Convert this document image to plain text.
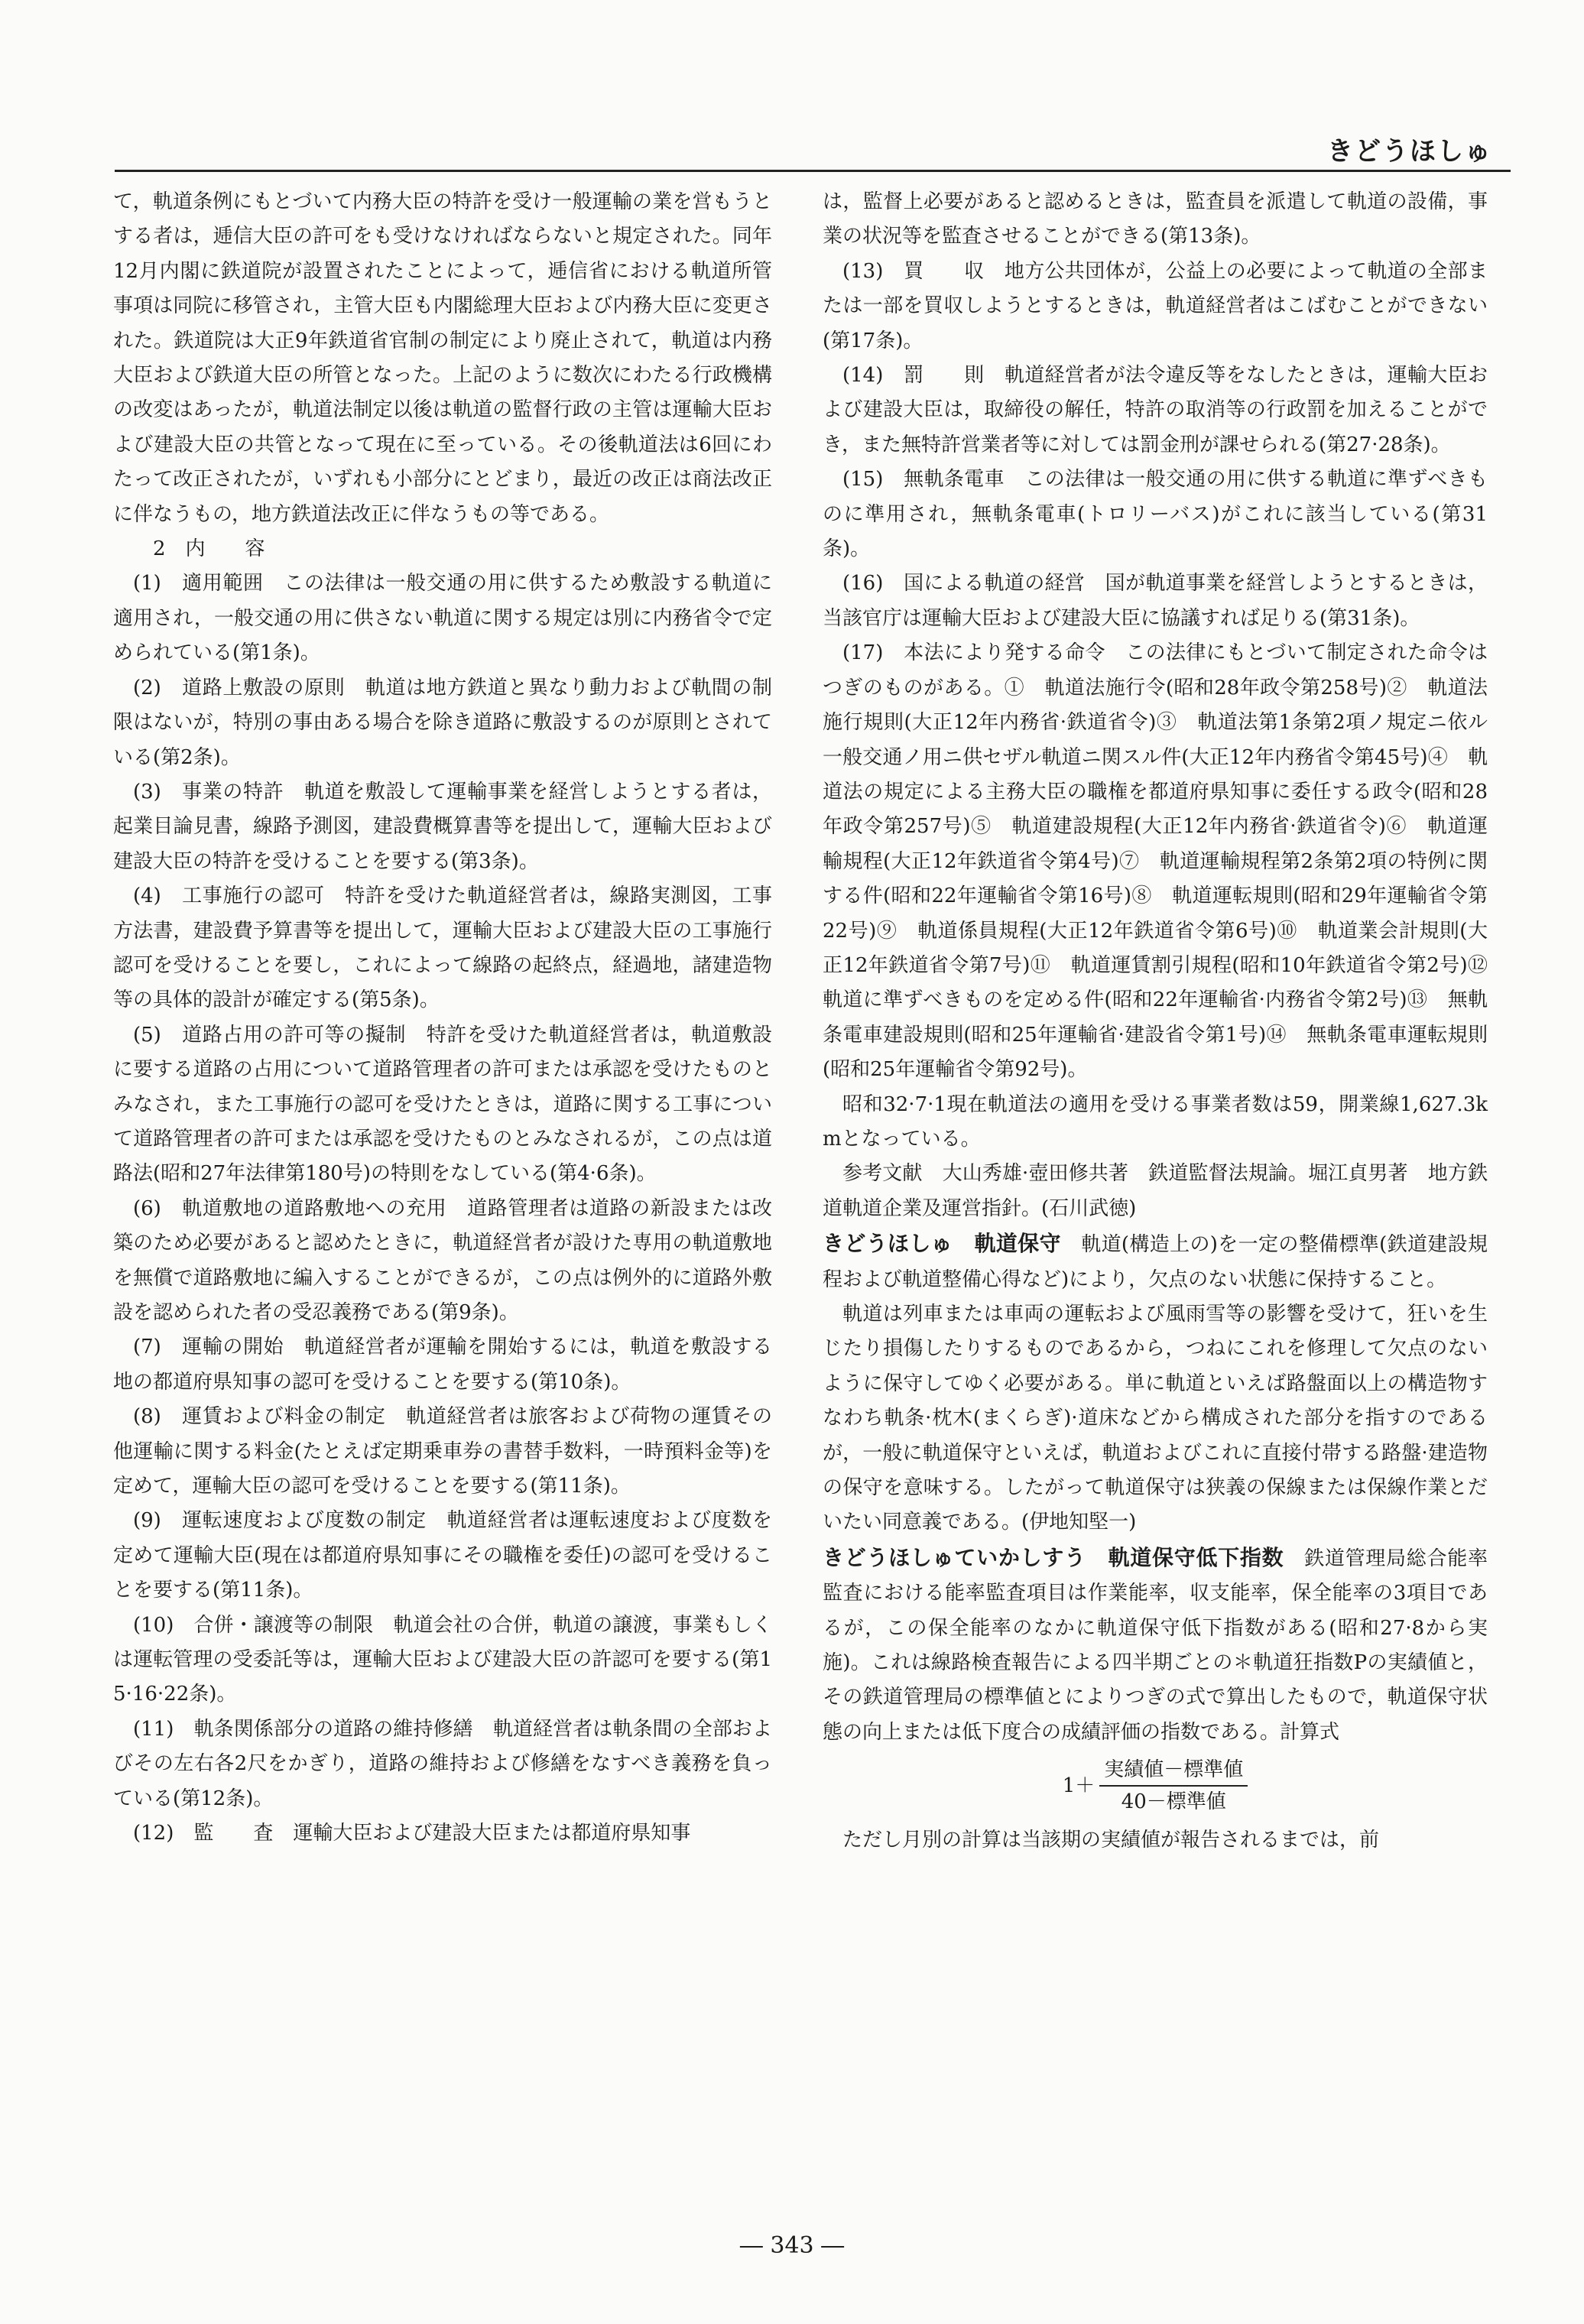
きどうほしゅ

て，軌道条例にもとづいて内務大臣の特許を受け一般運輸の業を営もうとする者は，逓信大臣の許可をも受けなければならないと規定された。同年12月内閣に鉄道院が設置されたことによって，逓信省における軌道所管事項は同院に移管され，主管大臣も内閣総理大臣および内務大臣に変更された。鉄道院は大正9年鉄道省官制の制定により廃止されて，軌道は内務大臣および鉄道大臣の所管となった。上記のように数次にわたる行政機構の改変はあったが，軌道法制定以後は軌道の監督行政の主管は運輸大臣および建設大臣の共管となって現在に至っている。その後軌道法は6回にわたって改正されたが，いずれも小部分にとどまり，最近の改正は商法改正に伴なうもの，地方鉄道法改正に伴なうもの等である。

2　内　　容

(1)　適用範囲　この法律は一般交通の用に供するため敷設する軌道に適用され，一般交通の用に供さない軌道に関する規定は別に内務省令で定められている(第1条)。

(2)　道路上敷設の原則　軌道は地方鉄道と異なり動力および軌間の制限はないが，特別の事由ある場合を除き道路に敷設するのが原則とされている(第2条)。

(3)　事業の特許　軌道を敷設して運輸事業を経営しようとする者は，起業目論見書，線路予測図，建設費概算書等を提出して，運輸大臣および建設大臣の特許を受けることを要する(第3条)。

(4)　工事施行の認可　特許を受けた軌道経営者は，線路実測図，工事方法書，建設費予算書等を提出して，運輸大臣および建設大臣の工事施行認可を受けることを要し，これによって線路の起終点，経過地，諸建造物等の具体的設計が確定する(第5条)。

(5)　道路占用の許可等の擬制　特許を受けた軌道経営者は，軌道敷設に要する道路の占用について道路管理者の許可または承認を受けたものとみなされ，また工事施行の認可を受けたときは，道路に関する工事について道路管理者の許可または承認を受けたものとみなされるが，この点は道路法(昭和27年法律第180号)の特則をなしている(第4·6条)。

(6)　軌道敷地の道路敷地への充用　道路管理者は道路の新設または改築のため必要があると認めたときに，軌道経営者が設けた専用の軌道敷地を無償で道路敷地に編入することができるが，この点は例外的に道路外敷設を認められた者の受忍義務である(第9条)。

(7)　運輸の開始　軌道経営者が運輸を開始するには，軌道を敷設する地の都道府県知事の認可を受けることを要する(第10条)。

(8)　運賃および料金の制定　軌道経営者は旅客および荷物の運賃その他運輸に関する料金(たとえば定期乗車券の書替手数料，一時預料金等)を定めて，運輸大臣の認可を受けることを要する(第11条)。

(9)　運転速度および度数の制定　軌道経営者は運転速度および度数を定めて運輸大臣(現在は都道府県知事にその職権を委任)の認可を受けることを要する(第11条)。

(10)　合併・譲渡等の制限　軌道会社の合併，軌道の譲渡，事業もしくは運転管理の受委託等は，運輸大臣および建設大臣の許認可を要する(第15·16·22条)。

(11)　軌条関係部分の道路の維持修繕　軌道経営者は軌条間の全部およびその左右各2尺をかぎり，道路の維持および修繕をなすべき義務を負っている(第12条)。

(12)　監　　査　運輸大臣および建設大臣または都道府県知事

は，監督上必要があると認めるときは，監査員を派遣して軌道の設備，事業の状況等を監査させることができる(第13条)。

(13)　買　　収　地方公共団体が，公益上の必要によって軌道の全部または一部を買収しようとするときは，軌道経営者はこばむことができない(第17条)。

(14)　罰　　則　軌道経営者が法令違反等をなしたときは，運輸大臣および建設大臣は，取締役の解任，特許の取消等の行政罰を加えることができ，また無特許営業者等に対しては罰金刑が課せられる(第27·28条)。

(15)　無軌条電車　この法律は一般交通の用に供する軌道に準ずべきものに準用され，無軌条電車(トロリーバス)がこれに該当している(第31条)。

(16)　国による軌道の経営　国が軌道事業を経営しようとするときは，当該官庁は運輸大臣および建設大臣に協議すれば足りる(第31条)。

(17)　本法により発する命令　この法律にもとづいて制定された命令はつぎのものがある。①　軌道法施行令(昭和28年政令第258号)②　軌道法施行規則(大正12年内務省·鉄道省令)③　軌道法第1条第2項ノ規定ニ依ル一般交通ノ用ニ供セザル軌道ニ関スル件(大正12年内務省令第45号)④　軌道法の規定による主務大臣の職権を都道府県知事に委任する政令(昭和28年政令第257号)⑤　軌道建設規程(大正12年内務省·鉄道省令)⑥　軌道運輸規程(大正12年鉄道省令第4号)⑦　軌道運輸規程第2条第2項の特例に関する件(昭和22年運輸省令第16号)⑧　軌道運転規則(昭和29年運輸省令第22号)⑨　軌道係員規程(大正12年鉄道省令第6号)⑩　軌道業会計規則(大正12年鉄道省令第7号)⑪　軌道運賃割引規程(昭和10年鉄道省令第2号)⑫　軌道に準ずべきものを定める件(昭和22年運輸省·内務省令第2号)⑬　無軌条電車建設規則(昭和25年運輸省·建設省令第1号)⑭　無軌条電車運転規則(昭和25年運輸省令第92号)。

昭和32·7·1現在軌道法の適用を受ける事業者数は59，開業線1,627.3kmとなっている。

参考文献　大山秀雄·壺田修共著　鉄道監督法規論。堀江貞男著　地方鉄道軌道企業及運営指針。(石川武徳)

きどうほしゅ　軌道保守　 軌道(構造上の)を一定の整備標準(鉄道建設規程および軌道整備心得など)により，欠点のない状態に保持すること。

軌道は列車または車両の運転および風雨雪等の影響を受けて，狂いを生じたり損傷したりするものであるから，つねにこれを修理して欠点のないように保守してゆく必要がある。単に軌道といえば路盤面以上の構造物すなわち軌条·枕木(まくらぎ)·道床などから構成された部分を指すのであるが，一般に軌道保守といえば，軌道およびこれに直接付帯する路盤·建造物の保守を意味する。したがって軌道保守は狭義の保線または保線作業とだいたい同意義である。(伊地知堅一)

きどうほしゅていかしすう　軌道保守低下指数　 鉄道管理局総合能率監査における能率監査項目は作業能率，収支能率，保全能率の3項目であるが，この保全能率のなかに軌道保守低下指数がある(昭和27·8から実施)。これは線路検査報告による四半期ごとの＊軌道狂指数Pの実績値と，その鉄道管理局の標準値とによりつぎの式で算出したもので，軌道保守状態の向上または低下度合の成績評価の指数である。計算式

$1+ \frac{\text{実績値－標準値}}{\text{40－標準値}}$

ただし月別の計算は当該期の実績値が報告されるまでは，前

― 343 ―
